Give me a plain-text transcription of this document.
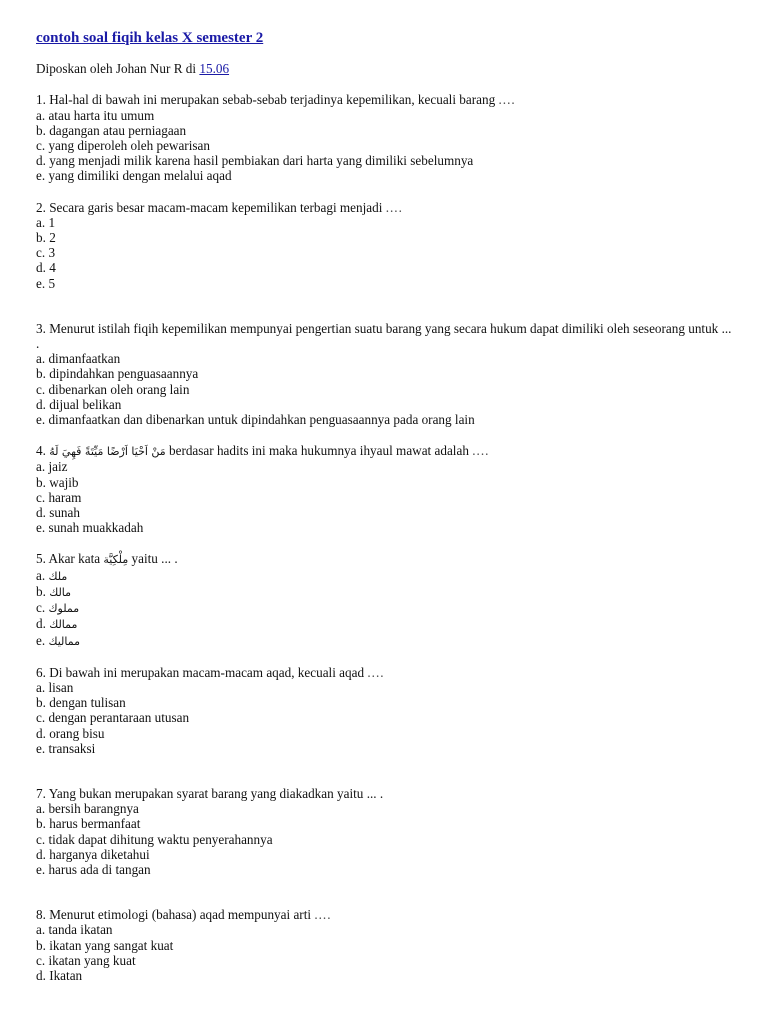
contoh soal fiqih kelas X semester 2
Diposkan oleh Johan Nur R di 15.06

1. Hal-hal di bawah ini merupakan sebab-sebab terjadinya kepemilikan, kecuali barang ....

a. atau harta itu umum

b. dagangan atau perniagaan

c. yang diperoleh oleh pewarisan

d. yang menjadi milik karena hasil pembiakan dari harta yang dimiliki sebelumnya

e. yang dimiliki dengan melalui aqad

2. Secara garis besar macam-macam kepemilikan terbagi menjadi ....

a. 1

b. 2

c. 3

d. 4

e. 5

3. Menurut istilah fiqih kepemilikan mempunyai pengertian suatu barang yang secara hukum dapat dimiliki oleh seseorang untuk ... .

a. dimanfaatkan

b. dipindahkan penguasaannya

c. dibenarkan oleh orang lain

d. dijual belikan

e. dimanfaatkan dan dibenarkan untuk dipindahkan penguasaannya pada orang lain

4. مَنْ اَحْيَا اَرْضًا مَيِّتَةً فَهِيَ لَهُ berdasar hadits ini maka hukumnya ihyaul mawat adalah ....

a. jaiz

b. wajib

c. haram

d. sunah

e. sunah muakkadah

5. Akar kata مِلْكِيَّة yaitu ... .

a. ملك

b. مالك

c. مملوك

d. ممالك

e. مماليك

6. Di bawah ini merupakan macam-macam aqad, kecuali aqad ....

a. lisan

b. dengan tulisan

c. dengan perantaraan utusan

d. orang bisu

e. transaksi

7. Yang bukan merupakan syarat barang yang diakadkan yaitu ... .

a. bersih barangnya

b. harus bermanfaat

c. tidak dapat dihitung waktu penyerahannya

d. harganya diketahui

e. harus ada di tangan

8. Menurut etimologi (bahasa) aqad mempunyai arti ....

a. tanda ikatan

b. ikatan yang sangat kuat

c. ikatan yang kuat

d. Ikatan
